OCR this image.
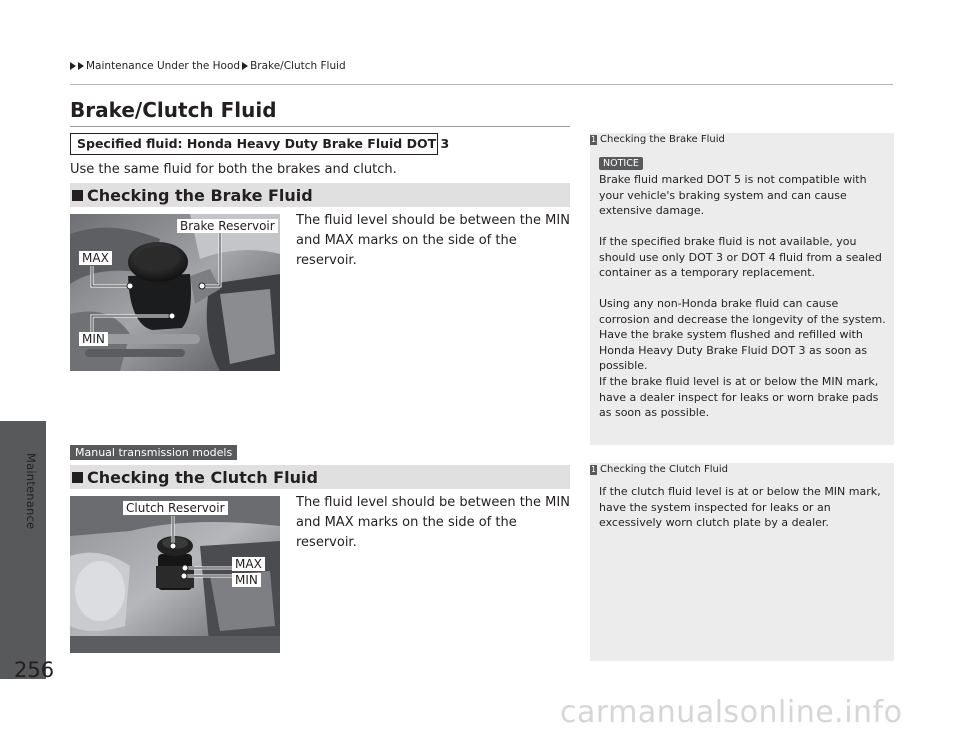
Maintenance
256
Maintenance Under the Hood Brake/Clutch Fluid
Brake/Clutch Fluid
Specified fluid: Honda Heavy Duty Brake Fluid DOT 3
Use the same fluid for both the brakes and clutch.
Checking the Brake Fluid
The fluid level should be between the MIN and MAX marks on the side of the reservoir.
Brake Reservoir
MAX
MIN
Manual transmission models
Checking the Clutch Fluid
The fluid level should be between the MIN and MAX marks on the side of the reservoir.
Clutch Reservoir
MAX
MIN
1 Checking the Brake Fluid
NOTICE
Brake fluid marked DOT 5 is not compatible with your vehicle's braking system and can cause extensive damage.
If the specified brake fluid is not available, you should use only DOT 3 or DOT 4 fluid from a sealed container as a temporary replacement.
Using any non-Honda brake fluid can cause corrosion and decrease the longevity of the system. Have the brake system flushed and refilled with Honda Heavy Duty Brake Fluid DOT 3 as soon as possible.
If the brake fluid level is at or below the MIN mark, have a dealer inspect for leaks or worn brake pads as soon as possible.
1 Checking the Clutch Fluid
If the clutch fluid level is at or below the MIN mark, have the system inspected for leaks or an excessively worn clutch plate by a dealer.
carmanualsonline.info
